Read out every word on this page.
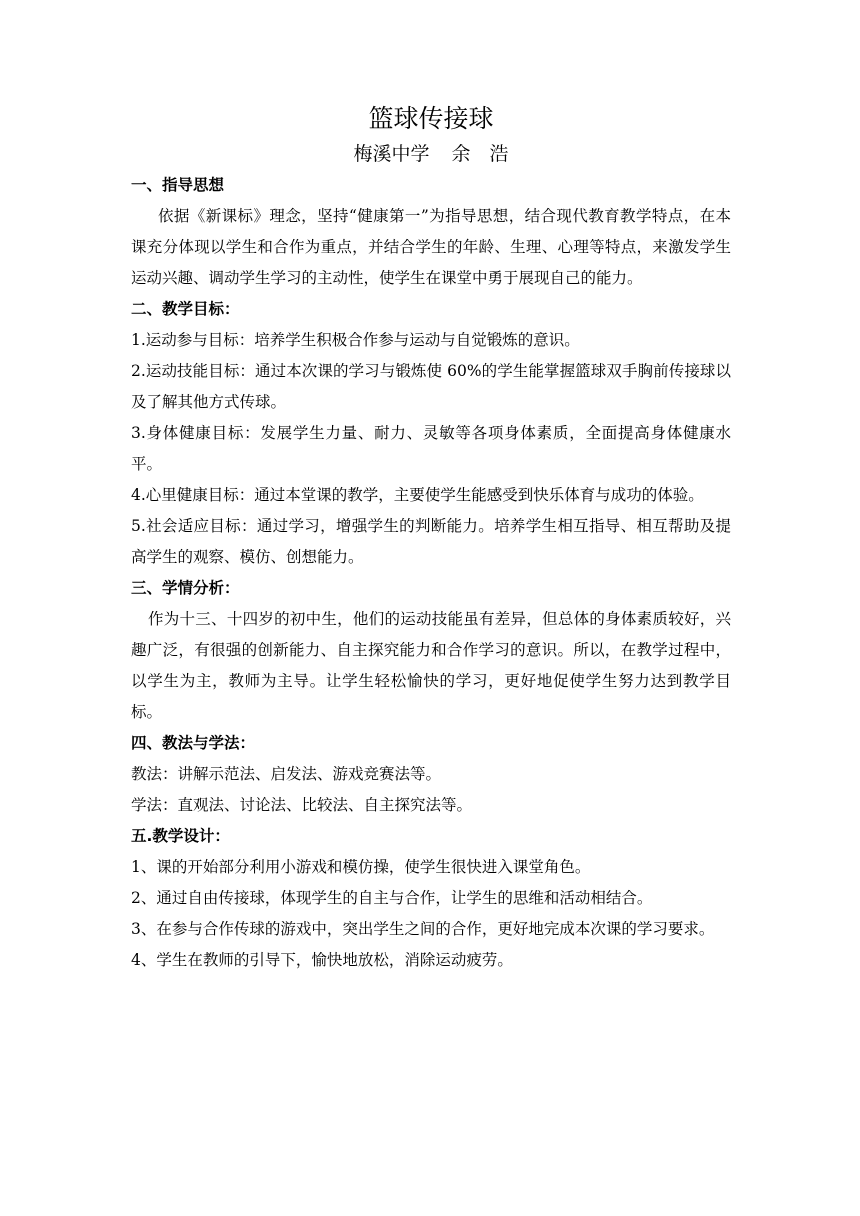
篮球传接球
梅溪中学 余　浩
一、指导思想

依据《新课标》理念，坚持“健康第一”为指导思想，结合现代教育教学特点，在本课充分体现以学生和合作为重点，并结合学生的年龄、生理、心理等特点，来激发学生运动兴趣、调动学生学习的主动性，使学生在课堂中勇于展现自己的能力。

二、教学目标：

1.运动参与目标：培养学生积极合作参与运动与自觉锻炼的意识。

2.运动技能目标：通过本次课的学习与锻炼使 60%的学生能掌握篮球双手胸前传接球以及了解其他方式传球。

3.身体健康目标：发展学生力量、耐力、灵敏等各项身体素质，全面提高身体健康水平。

4.心里健康目标：通过本堂课的教学，主要使学生能感受到快乐体育与成功的体验。

5.社会适应目标：通过学习，增强学生的判断能力。培养学生相互指导、相互帮助及提高学生的观察、模仿、创想能力。

三、学情分析：

作为十三、十四岁的初中生，他们的运动技能虽有差异，但总体的身体素质较好，兴趣广泛，有很强的创新能力、自主探究能力和合作学习的意识。所以，在教学过程中，以学生为主，教师为主导。让学生轻松愉快的学习，更好地促使学生努力达到教学目标。

四、教法与学法：

教法：讲解示范法、启发法、游戏竞赛法等。

学法：直观法、讨论法、比较法、自主探究法等。

五.教学设计：

1、课的开始部分利用小游戏和模仿操，使学生很快进入课堂角色。

2、通过自由传接球，体现学生的自主与合作，让学生的思维和活动相结合。

3、在参与合作传球的游戏中，突出学生之间的合作，更好地完成本次课的学习要求。

4、学生在教师的引导下，愉快地放松，消除运动疲劳。
